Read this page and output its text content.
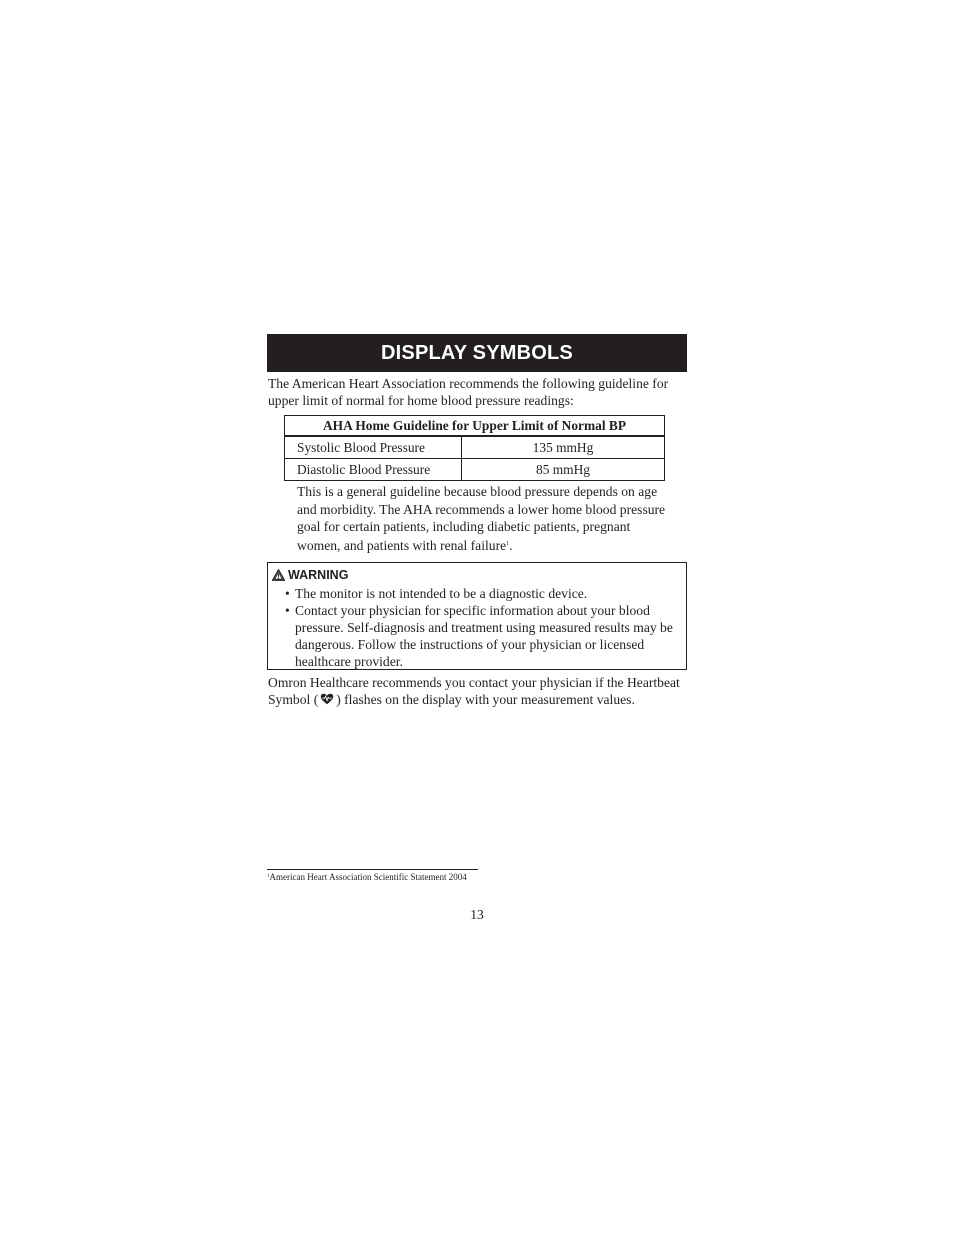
DISPLAY SYMBOLS

The American Heart Association recommends the following guideline for upper limit of normal for home blood pressure readings:

AHA Home Guideline for Upper Limit of Normal BP	
Systolic Blood Pressure	135 mmHg
Diastolic Blood Pressure	85 mmHg

This is a general guideline because blood pressure depends on age and morbidity. The AHA recommends a lower home blood pressure goal for certain patients, including diabetic patients, pregnant women, and patients with renal failure$^1$.

WARNING
• The monitor is not intended to be a diagnostic device.
• Contact your physician for specific information about your blood pressure. Self-diagnosis and treatment using measured results may be dangerous. Follow the instructions of your physician or licensed healthcare provider.

Omron Healthcare recommends you contact your physician if the Heartbeat Symbol ( ) flashes on the display with your measurement values.

$^1$American Heart Association Scientific Statement 2004

13
